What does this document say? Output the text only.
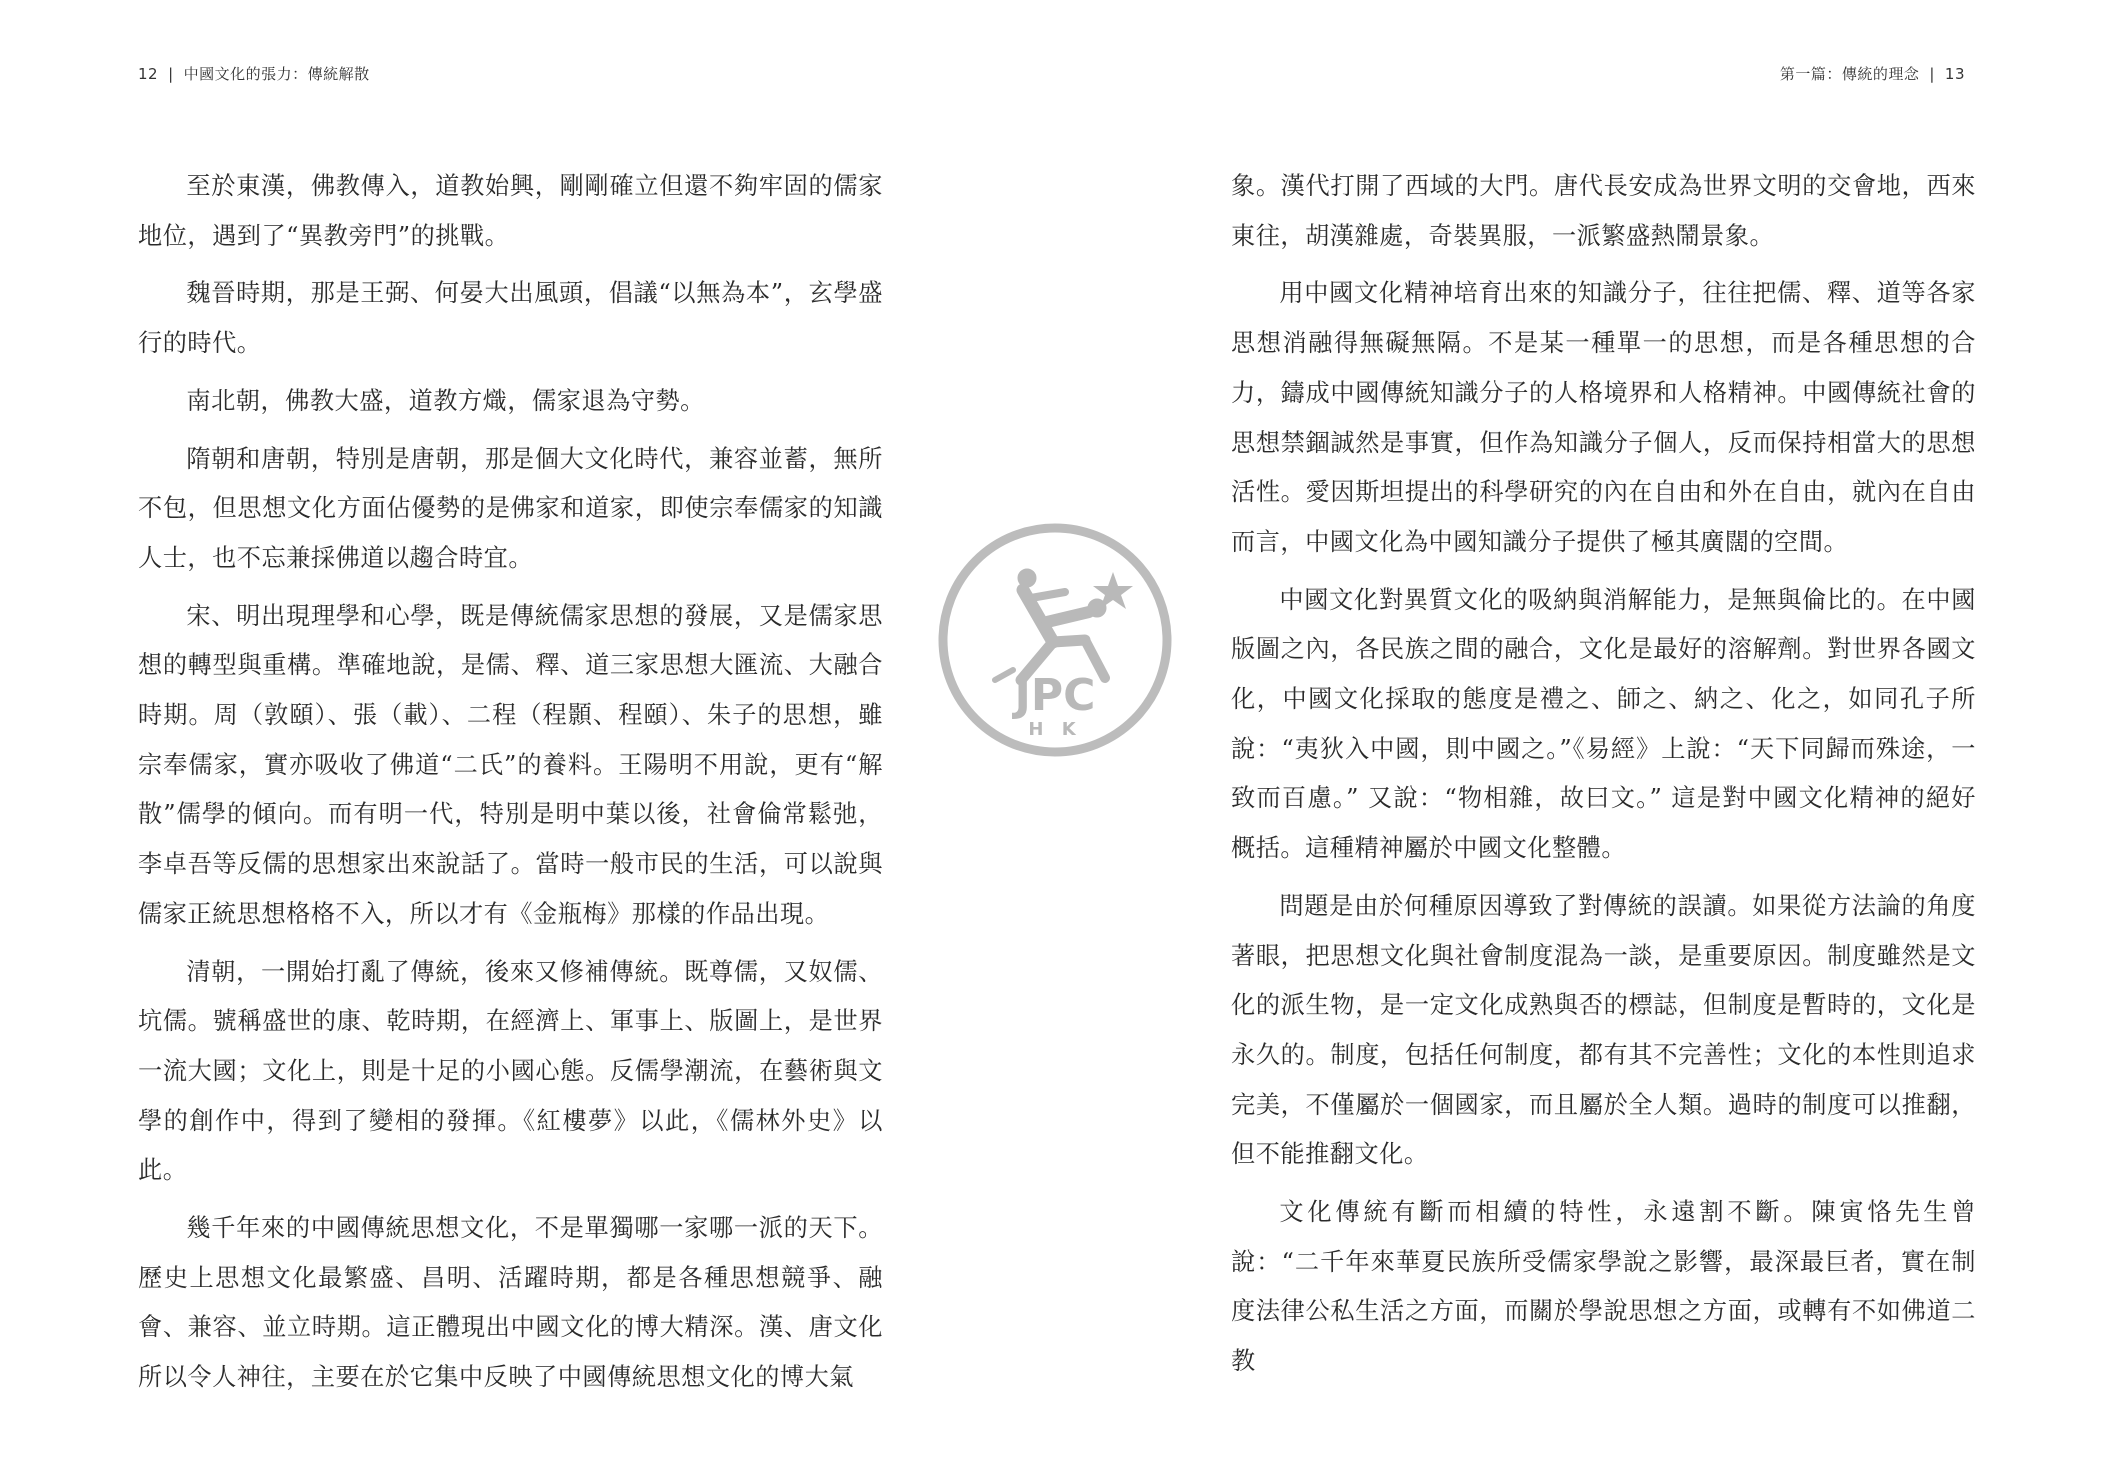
12 | 中國文化的張力：傳統解散

至於東漢，佛教傳入，道教始興，剛剛確立但還不夠牢固的儒家地位，遇到了“異教旁門”的挑戰。

魏晉時期，那是王弼、何晏大出風頭，倡議“以無為本”，玄學盛行的時代。

南北朝，佛教大盛，道教方熾，儒家退為守勢。

隋朝和唐朝，特別是唐朝，那是個大文化時代，兼容並蓄，無所不包，但思想文化方面佔優勢的是佛家和道家，即使宗奉儒家的知識人士，也不忘兼採佛道以趨合時宜。

宋、明出現理學和心學，既是傳統儒家思想的發展，又是儒家思想的轉型與重構。準確地說，是儒、釋、道三家思想大匯流、大融合時期。周（敦頤）、張（載）、二程（程顥、程頤）、朱子的思想，雖宗奉儒家，實亦吸收了佛道“二氏”的養料。王陽明不用說，更有“解散”儒學的傾向。而有明一代，特別是明中葉以後，社會倫常鬆弛，李卓吾等反儒的思想家出來說話了。當時一般市民的生活，可以說與儒家正統思想格格不入，所以才有《金瓶梅》那樣的作品出現。

清朝，一開始打亂了傳統，後來又修補傳統。既尊儒，又奴儒、坑儒。號稱盛世的康、乾時期，在經濟上、軍事上、版圖上，是世界一流大國；文化上，則是十足的小國心態。反儒學潮流，在藝術與文學的創作中，得到了變相的發揮。《紅樓夢》以此，《儒林外史》以此。

幾千年來的中國傳統思想文化，不是單獨哪一家哪一派的天下。歷史上思想文化最繁盛、昌明、活躍時期，都是各種思想競爭、融會、兼容、並立時期。這正體現出中國文化的博大精深。漢、唐文化所以令人神往，主要在於它集中反映了中國傳統思想文化的博大氣

第一篇：傳統的理念 | 13

象。漢代打開了西域的大門。唐代長安成為世界文明的交會地，西來東往，胡漢雜處，奇裝異服，一派繁盛熱鬧景象。

用中國文化精神培育出來的知識分子，往往把儒、釋、道等各家思想消融得無礙無隔。不是某一種單一的思想，而是各種思想的合力，鑄成中國傳統知識分子的人格境界和人格精神。中國傳統社會的思想禁錮誠然是事實，但作為知識分子個人，反而保持相當大的思想活性。愛因斯坦提出的科學研究的內在自由和外在自由，就內在自由而言，中國文化為中國知識分子提供了極其廣闊的空間。

中國文化對異質文化的吸納與消解能力，是無與倫比的。在中國版圖之內，各民族之間的融合，文化是最好的溶解劑。對世界各國文化，中國文化採取的態度是禮之、師之、納之、化之，如同孔子所說：“夷狄入中國，則中國之。”《易經》上說：“天下同歸而殊途，一致而百慮。” 又說：“物相雜，故曰文。” 這是對中國文化精神的絕好概括。這種精神屬於中國文化整體。

問題是由於何種原因導致了對傳統的誤讀。如果從方法論的角度著眼，把思想文化與社會制度混為一談，是重要原因。制度雖然是文化的派生物，是一定文化成熟與否的標誌，但制度是暫時的，文化是永久的。制度，包括任何制度，都有其不完善性；文化的本性則追求完美，不僅屬於一個國家，而且屬於全人類。過時的制度可以推翻，但不能推翻文化。

文化傳統有斷而相續的特性，永遠割不斷。陳寅恪先生曾說：“二千年來華夏民族所受儒家學說之影響，最深最巨者，實在制度法律公私生活之方面，而關於學說思想之方面，或轉有不如佛道二教

JPC
H K
